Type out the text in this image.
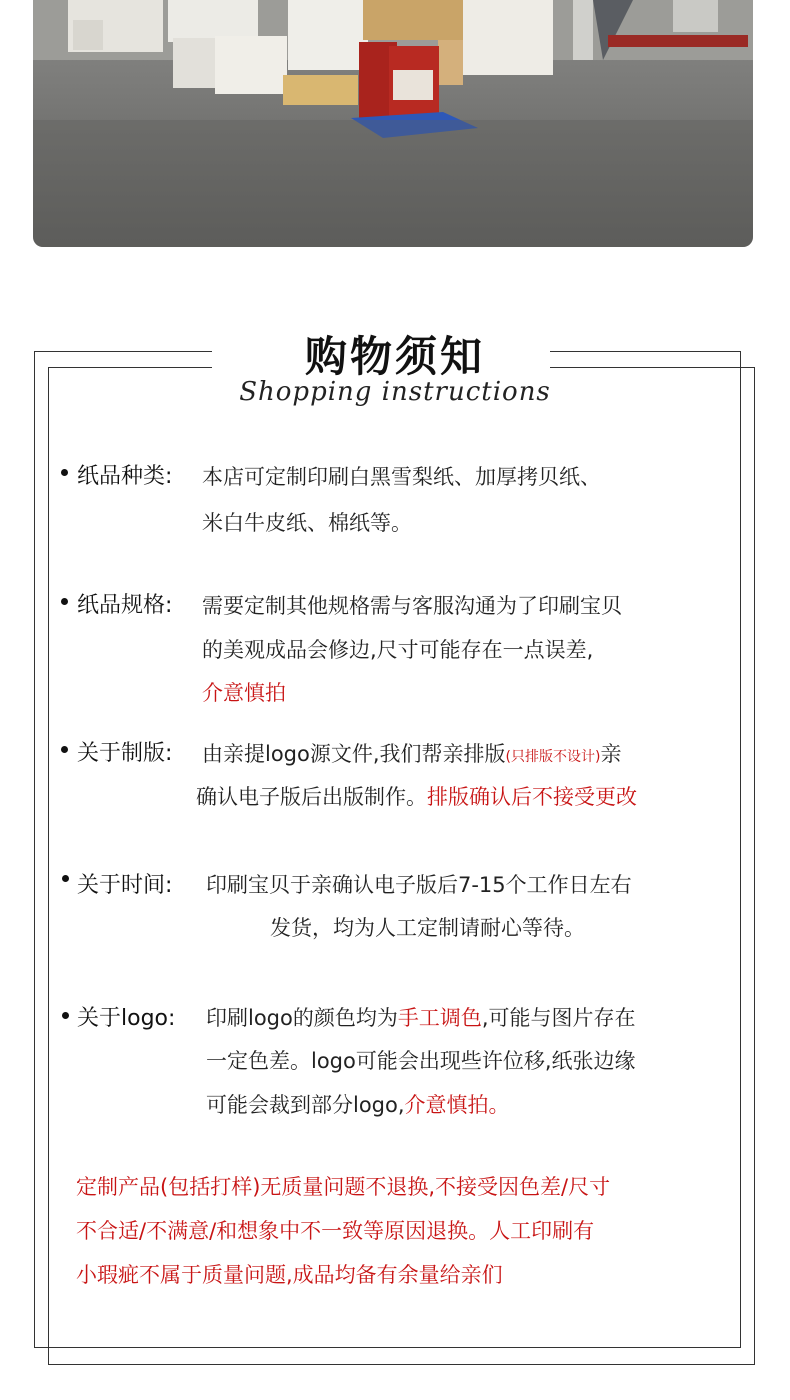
购物须知
Shopping instructions
纸品种类: 本店可定制印刷白黑雪梨纸、加厚拷贝纸、
米白牛皮纸、棉纸等。
纸品规格: 需要定制其他规格需与客服沟通为了印刷宝贝
的美观成品会修边,尺寸可能存在一点误差,
介意慎拍
关于制版: 由亲提logo源文件,我们帮亲排版(只排版不设计)亲
确认电子版后出版制作。排版确认后不接受更改
关于时间: 印刷宝贝于亲确认电子版后7-15个工作日左右
发货，均为人工定制请耐心等待。
关于logo: 印刷logo的颜色均为手工调色,可能与图片存在
一定色差。logo可能会出现些许位移,纸张边缘
可能会裁到部分logo,介意慎拍。
定制产品(包括打样)无质量问题不退换,不接受因色差/尺寸
不合适/不满意/和想象中不一致等原因退换。人工印刷有
小瑕疵不属于质量问题,成品均备有余量给亲们
